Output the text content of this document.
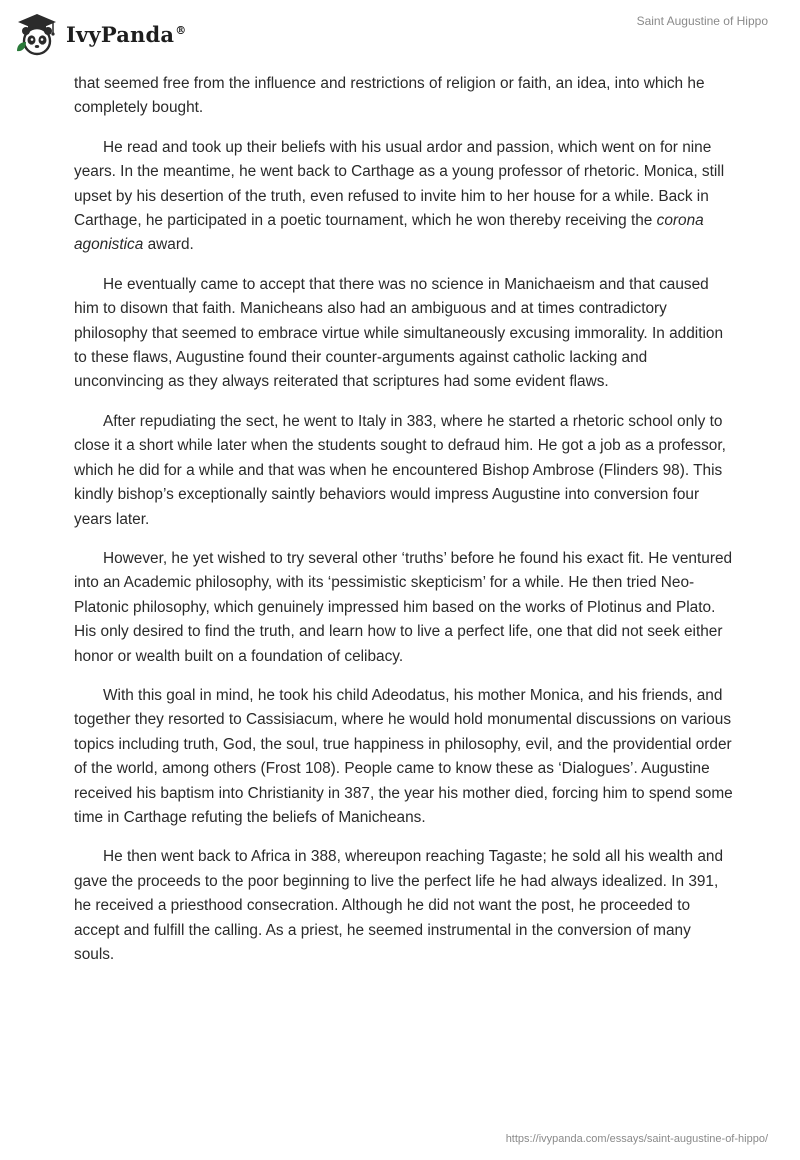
IvyPanda®
Saint Augustine of Hippo

that seemed free from the influence and restrictions of religion or faith, an idea, into which he completely bought.

He read and took up their beliefs with his usual ardor and passion, which went on for nine years. In the meantime, he went back to Carthage as a young professor of rhetoric. Monica, still upset by his desertion of the truth, even refused to invite him to her house for a while. Back in Carthage, he participated in a poetic tournament, which he won thereby receiving the corona agonistica award.

He eventually came to accept that there was no science in Manichaeism and that caused him to disown that faith. Manicheans also had an ambiguous and at times contradictory philosophy that seemed to embrace virtue while simultaneously excusing immorality. In addition to these flaws, Augustine found their counter-arguments against catholic lacking and unconvincing as they always reiterated that scriptures had some evident flaws.

After repudiating the sect, he went to Italy in 383, where he started a rhetoric school only to close it a short while later when the students sought to defraud him. He got a job as a professor, which he did for a while and that was when he encountered Bishop Ambrose (Flinders 98). This kindly bishop’s exceptionally saintly behaviors would impress Augustine into conversion four years later.

However, he yet wished to try several other ‘truths’ before he found his exact fit. He ventured into an Academic philosophy, with its ‘pessimistic skepticism’ for a while. He then tried Neo-Platonic philosophy, which genuinely impressed him based on the works of Plotinus and Plato. His only desired to find the truth, and learn how to live a perfect life, one that did not seek either honor or wealth built on a foundation of celibacy.

With this goal in mind, he took his child Adeodatus, his mother Monica, and his friends, and together they resorted to Cassisiacum, where he would hold monumental discussions on various topics including truth, God, the soul, true happiness in philosophy, evil, and the providential order of the world, among others (Frost 108). People came to know these as ‘Dialogues’. Augustine received his baptism into Christianity in 387, the year his mother died, forcing him to spend some time in Carthage refuting the beliefs of Manicheans.

He then went back to Africa in 388, whereupon reaching Tagaste; he sold all his wealth and gave the proceeds to the poor beginning to live the perfect life he had always idealized. In 391, he received a priesthood consecration. Although he did not want the post, he proceeded to accept and fulfill the calling. As a priest, he seemed instrumental in the conversion of many souls.

https://ivypanda.com/essays/saint-augustine-of-hippo/
